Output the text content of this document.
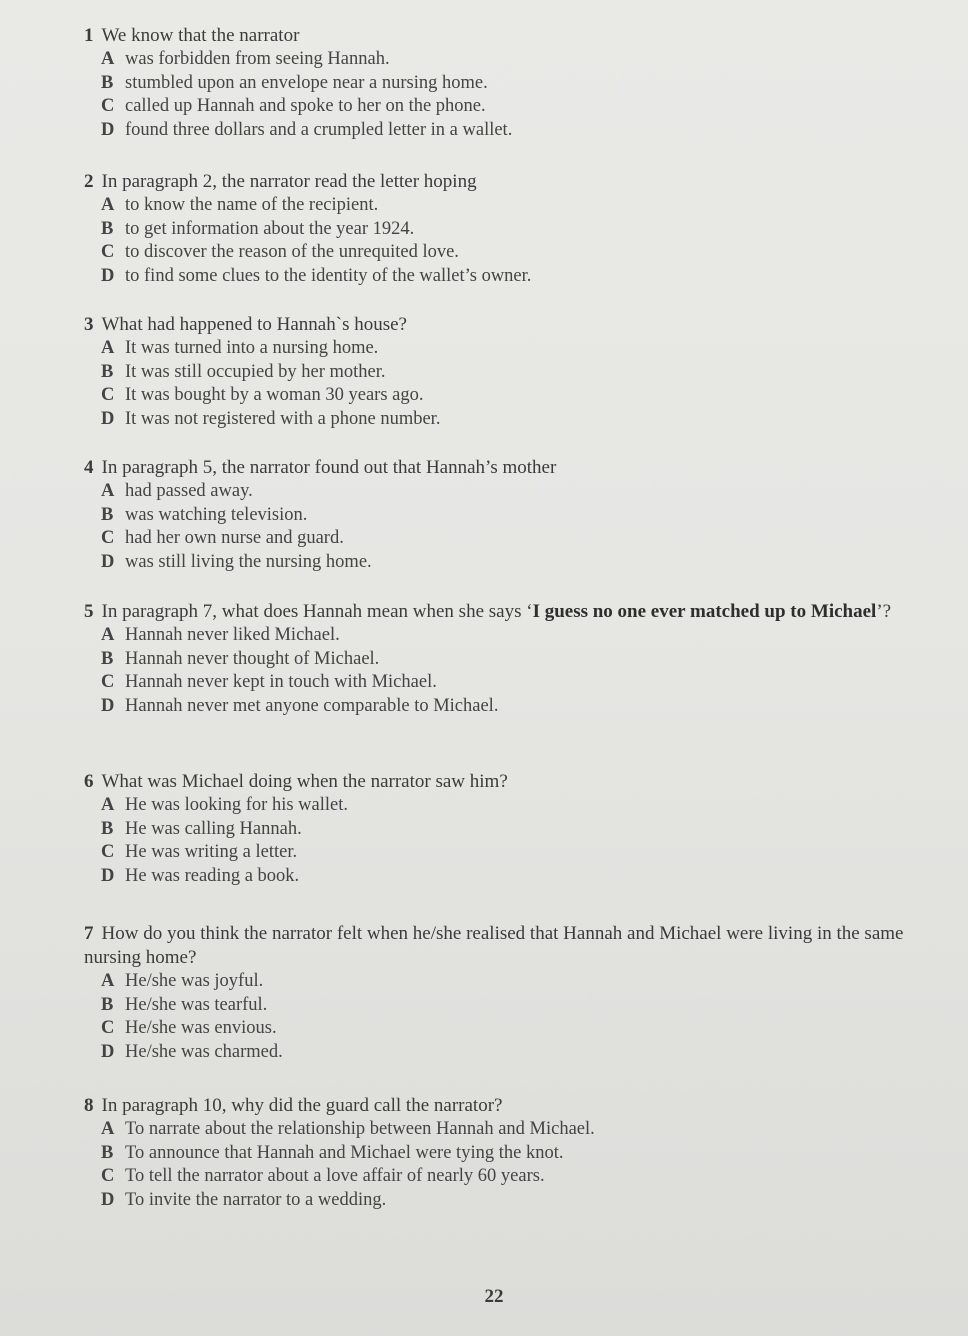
1 We know that the narrator

A was forbidden from seeing Hannah.
B stumbled upon an envelope near a nursing home.
C called up Hannah and spoke to her on the phone.
D found three dollars and a crumpled letter in a wallet.

2 In paragraph 2, the narrator read the letter hoping

A to know the name of the recipient.
B to get information about the year 1924.
C to discover the reason of the unrequited love.
D to find some clues to the identity of the wallet’s owner.

3 What had happened to Hannah`s house?

A It was turned into a nursing home.
B It was still occupied by her mother.
C It was bought by a woman 30 years ago.
D It was not registered with a phone number.

4 In paragraph 5, the narrator found out that Hannah’s mother

A had passed away.
B was watching television.
C had her own nurse and guard.
D was still living the nursing home.

5 In paragraph 7, what does Hannah mean when she says ‘I guess no one ever matched up to Michael’?

A Hannah never liked Michael.
B Hannah never thought of Michael.
C Hannah never kept in touch with Michael.
D Hannah never met anyone comparable to Michael.

6 What was Michael doing when the narrator saw him?

A He was looking for his wallet.
B He was calling Hannah.
C He was writing a letter.
D He was reading a book.

7 How do you think the narrator felt when he/she realised that Hannah and Michael were living in the same nursing home?

A He/she was joyful.
B He/she was tearful.
C He/she was envious.
D He/she was charmed.

8 In paragraph 10, why did the guard call the narrator?

A To narrate about the relationship between Hannah and Michael.
B To announce that Hannah and Michael were tying the knot.
C To tell the narrator about a love affair of nearly 60 years.
D To invite the narrator to a wedding.
22
